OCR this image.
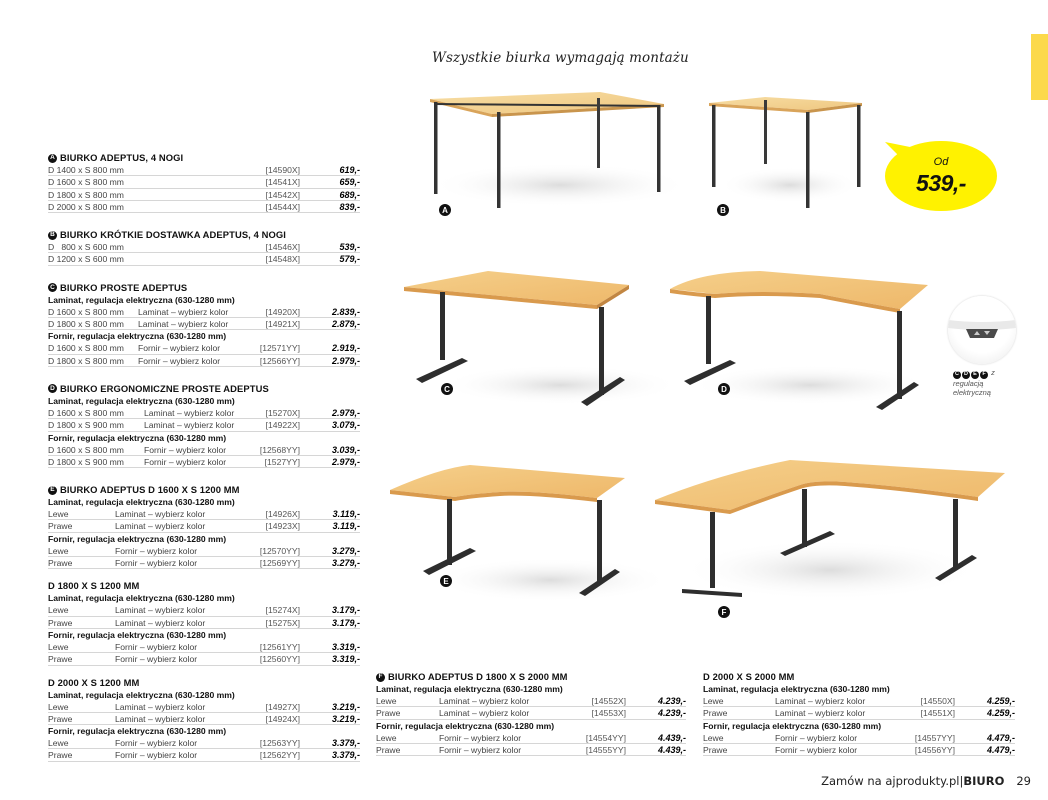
Wszystkie biurka wymagają montażu
A BIURKO ADEPTUS, 4 NOGI
D 1400 x S 800 mm	[14590X]	619,-
D 1600 x S 800 mm	[14541X]	659,-
D 1800 x S 800 mm	[14542X]	689,-
D 2000 x S 800 mm	[14544X]	839,-
B BIURKO KRÓTKIE DOSTAWKA ADEPTUS, 4 NOGI
D   800 x S 600 mm	[14546X]	539,-
D 1200 x S 600 mm	[14548X]	579,-
C BIURKO PROSTE ADEPTUS
Laminat, regulacja elektryczna (630-1280 mm)
D 1600 x S 800 mm	Laminat – wybierz kolor	[14920X]	2.839,-
D 1800 x S 800 mm	Laminat – wybierz kolor	[14921X]	2.879,-
Fornir, regulacja elektryczna (630-1280 mm)
D 1600 x S 800 mm	Fornir – wybierz kolor	[12571YY]	2.919,-
D 1800 x S 800 mm	Fornir – wybierz kolor	[12566YY]	2.979,-
D BIURKO ERGONOMICZNE PROSTE ADEPTUS
Laminat, regulacja elektryczna (630-1280 mm)
D 1600 x S 800 mm	Laminat – wybierz kolor	[15270X]	2.979,-
D 1800 x S 900 mm	Laminat – wybierz kolor	[14922X]	3.079,-
Fornir, regulacja elektryczna (630-1280 mm)
D 1600 x S 800 mm	Fornir – wybierz kolor	[12568YY]	3.039,-
D 1800 x S 900 mm	Fornir – wybierz kolor	[1527YY]	2.979,-
E BIURKO ADEPTUS D 1600 X S 1200 MM
Laminat, regulacja elektryczna (630-1280 mm)
Lewe	Laminat – wybierz kolor	[14926X]	3.119,-
Prawe	Laminat – wybierz kolor	[14923X]	3.119,-
Fornir, regulacja elektryczna (630-1280 mm)
Lewe	Fornir – wybierz kolor	[12570YY]	3.279,-
Prawe	Fornir – wybierz kolor	[12569YY]	3.279,-
D 1800 X S 1200 MM
Laminat, regulacja elektryczna (630-1280 mm)
Lewe	Laminat – wybierz kolor	[15274X]	3.179,-
Prawe	Laminat – wybierz kolor	[15275X]	3.179,-
Fornir, regulacja elektryczna (630-1280 mm)
Lewe	Fornir – wybierz kolor	[12561YY]	3.319,-
Prawe	Fornir – wybierz kolor	[12560YY]	3.319,-
D 2000 X S 1200 MM
Laminat, regulacja elektryczna (630-1280 mm)
Lewe	Laminat – wybierz kolor	[14927X]	3.219,-
Prawe	Laminat – wybierz kolor	[14924X]	3.219,-
Fornir, regulacja elektryczna (630-1280 mm)
Lewe	Fornir – wybierz kolor	[12563YY]	3.379,-
Prawe	Fornir – wybierz kolor	[12562YY]	3.379,-
F BIURKO ADEPTUS D 1800 X S 2000 MM
Laminat, regulacja elektryczna (630-1280 mm)
Lewe	Laminat – wybierz kolor	[14552X]	4.239,-
Prawe	Laminat – wybierz kolor	[14553X]	4.239,-
Fornir, regulacja elektryczna (630-1280 mm)
Lewe	Fornir – wybierz kolor	[14554YY]	4.439,-
Prawe	Fornir – wybierz kolor	[14555YY]	4.439,-
D 2000 X S 2000 MM
Laminat, regulacja elektryczna (630-1280 mm)
Lewe	Laminat – wybierz kolor	[14550X]	4.259,-
Prawe	Laminat – wybierz kolor	[14551X]	4.259,-
Fornir, regulacja elektryczna (630-1280 mm)
Lewe	Fornir – wybierz kolor	[14557YY]	4.479,-
Prawe	Fornir – wybierz kolor	[14556YY]	4.479,-
A	B
C	D
E
F
Od
539,-
C D E F z
regulacją
elektryczną
Zamów na ajprodukty.pl|BIURO 29
